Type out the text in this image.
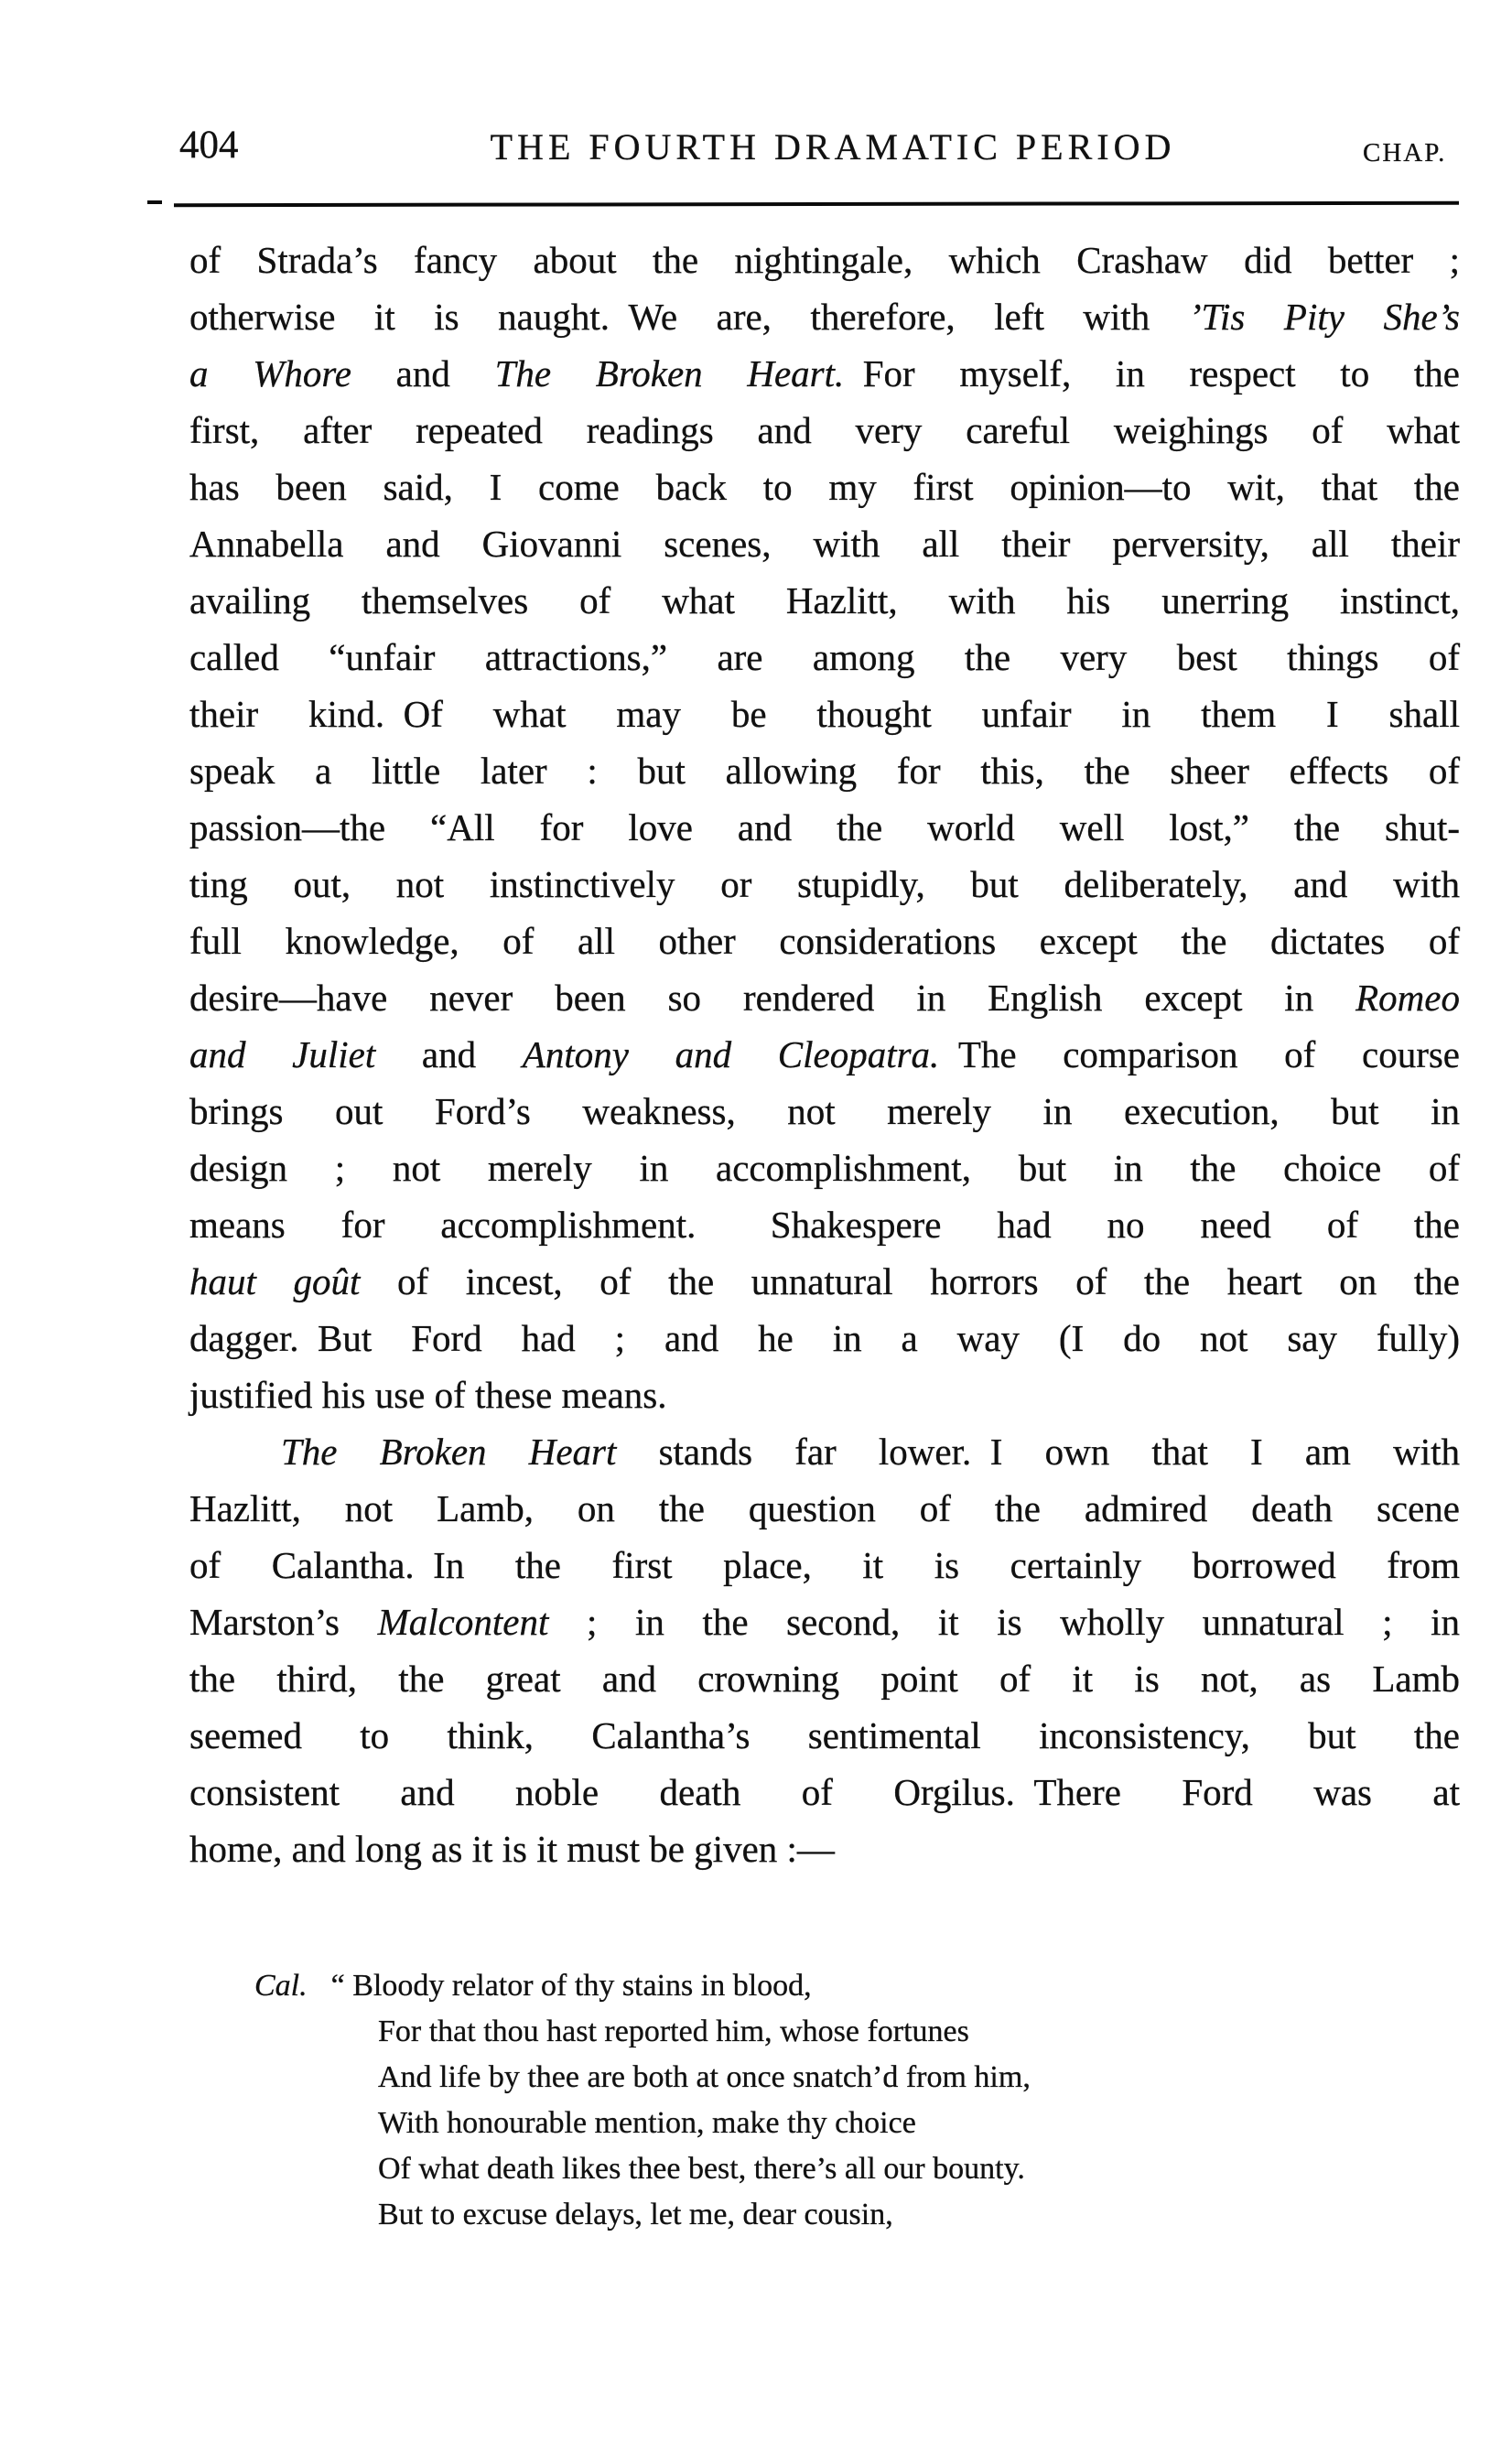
404	THE FOURTH DRAMATIC PERIOD	CHAP.
of Strada’s fancy about the nightingale, which Crashaw did better ;
otherwise it is naught. We are, therefore, left with ’Tis Pity She’s
a Whore and The Broken Heart. For myself, in respect to the
first, after repeated readings and very careful weighings of what
has been said, I come back to my first opinion—to wit, that the
Annabella and Giovanni scenes, with all their perversity, all their
availing themselves of what Hazlitt, with his unerring instinct,
called “unfair attractions,” are among the very best things of
their kind. Of what may be thought unfair in them I shall
speak a little later : but allowing for this, the sheer effects of
passion—the “All for love and the world well lost,” the shut-
ting out, not instinctively or stupidly, but deliberately, and with
full knowledge, of all other considerations except the dictates of
desire—have never been so rendered in English except in Romeo
and Juliet and Antony and Cleopatra. The comparison of course
brings out Ford’s weakness, not merely in execution, but in
design ; not merely in accomplishment, but in the choice of
means for accomplishment.  Shakespere had no need of the
haut goût of incest, of the unnatural horrors of the heart on the
dagger. But Ford had ; and he in a way (I do not say fully)
justified his use of these means.
The Broken Heart stands far lower. I own that I am with
Hazlitt, not Lamb, on the question of the admired death scene
of Calantha. In the first place, it is certainly borrowed from
Marston’s Malcontent ; in the second, it is wholly unnatural ; in
the third, the great and crowning point of it is not, as Lamb
seemed to think, Calantha’s sentimental inconsistency, but the
consistent and noble death of Orgilus. There Ford was at
home, and long as it is it must be given :—
Cal. “ Bloody relator of thy stains in blood,
For that thou hast reported him, whose fortunes
And life by thee are both at once snatch’d from him,
With honourable mention, make thy choice
Of what death likes thee best, there’s all our bounty.
But to excuse delays, let me, dear cousin,
